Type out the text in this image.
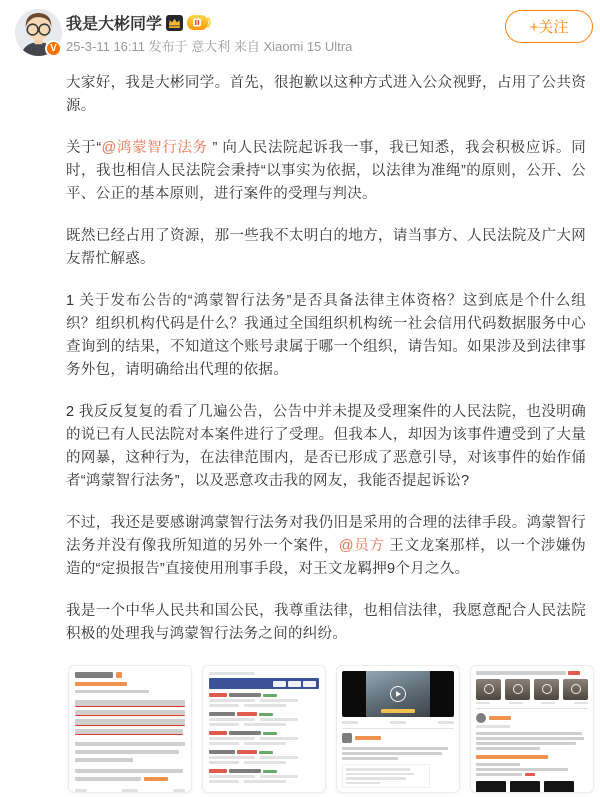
V
我是大彬同学
25-3-11 16:11 发布于 意大利 来自 Xiaomi 15 Ultra
+关注

大家好，我是大彬同学。首先，很抱歉以这种方式进入公众视野，占用了公共资源。

关于“@鸿蒙智行法务 ” 向人民法院起诉我一事，我已知悉，我会积极应诉。同时，我也相信人民法院会秉持“以事实为依据，以法律为准绳”的原则，公开、公平、公正的基本原则，进行案件的受理与判决。

既然已经占用了资源，那一些我不太明白的地方，请当事方、人民法院及广大网友帮忙解惑。

1 关于发布公告的“鸿蒙智行法务”是否具备法律主体资格？这到底是个什么组织？组织机构代码是什么？我通过全国组织机构统一社会信用代码数据服务中心查询到的结果，不知道这个账号隶属于哪一个组织，请告知。如果涉及到法律事务外包，请明确给出代理的依据。

2 我反反复复的看了几遍公告，公告中并未提及受理案件的人民法院，也没明确的说已有人民法院对本案件进行了受理。但我本人，却因为该事件遭受到了大量的网暴，这种行为，在法律范围内，是否已形成了恶意引导，对该事件的始作俑者“鸿蒙智行法务”，以及恶意攻击我的网友，我能否提起诉讼?

不过，我还是要感谢鸿蒙智行法务对我仍旧是采用的合理的法律手段。鸿蒙智行法务并没有像我所知道的另外一个案件，@员方 王文龙案那样，以一个涉嫌伪造的“定损报告”直接使用刑事手段，对王文龙羁押9个月之久。

我是一个中华人民共和国公民，我尊重法律，也相信法律，我愿意配合人民法院积极的处理我与鸿蒙智行法务之间的纠纷。
